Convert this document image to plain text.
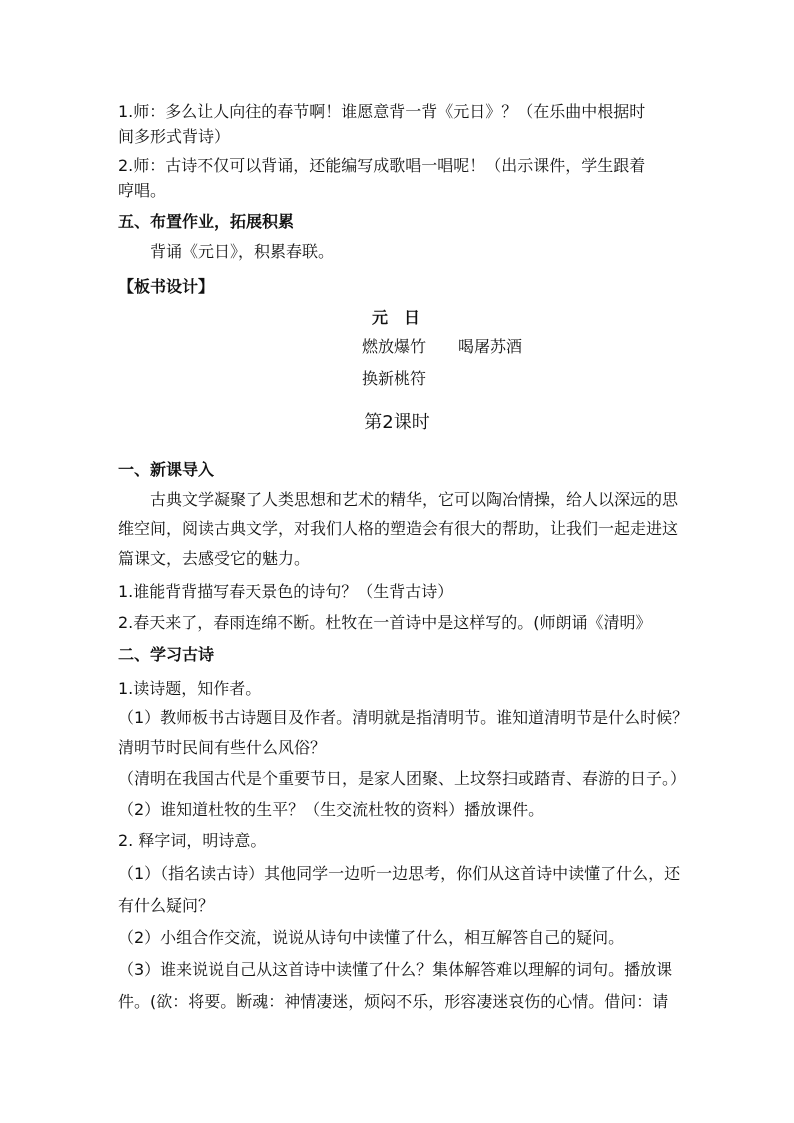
1.师：多么让人向往的春节啊！谁愿意背一背《元日》？（在乐曲中根据时
间多形式背诗）
2.师：古诗不仅可以背诵，还能编写成歌唱一唱呢！（出示课件，学生跟着
哼唱。
五、布置作业，拓展积累
背诵《元日》，积累春联。
【板书设计】
元　日
燃放爆竹　　喝屠苏酒
换新桃符
第2课时
一、新课导入
古典文学凝聚了人类思想和艺术的精华，它可以陶冶情操，给人以深远的思
维空间，阅读古典文学，对我们人格的塑造会有很大的帮助，让我们一起走进这
篇课文，去感受它的魅力。
1.谁能背背描写春天景色的诗句？（生背古诗）
2.春天来了，春雨连绵不断。杜牧在一首诗中是这样写的。(师朗诵《清明》
二、学习古诗
1.读诗题，知作者。
（1）教师板书古诗题目及作者。清明就是指清明节。谁知道清明节是什么时候？
清明节时民间有些什么风俗？
（清明在我国古代是个重要节日，是家人团聚、上坟祭扫或踏青、春游的日子。）
（2）谁知道杜牧的生平？（生交流杜牧的资料）播放课件。
2. 释字词，明诗意。
（1）（指名读古诗）其他同学一边听一边思考，你们从这首诗中读懂了什么，还
有什么疑问？
（2）小组合作交流，说说从诗句中读懂了什么，相互解答自己的疑问。
（3）谁来说说自己从这首诗中读懂了什么？集体解答难以理解的词句。播放课
件。(欲：将要。断魂：神情凄迷，烦闷不乐，形容凄迷哀伤的心情。借问：请
